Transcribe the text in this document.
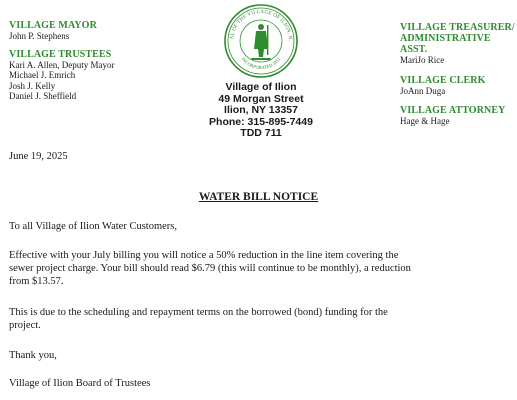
VILLAGE MAYOR
John P. Stephens
VILLAGE TRUSTEES
Kari A. Allen, Deputy Mayor
Michael J. Emrich
Josh J. Kelly
Daniel J. Sheffield
AL OF THE VILLAGE OF ILION, N.
INCORPORATED 1852
Village of Ilion
49 Morgan Street
Ilion, NY 13357
Phone: 315-895-7449
TDD 711
VILLAGE TREASURER/
ADMINISTRATIVE ASST.
MariJo Rice
VILLAGE CLERK
JoAnn Duga
VILLAGE ATTORNEY
Hage & Hage
June 19, 2025
WATER BILL NOTICE
To all Village of Ilion Water Customers,
Effective with your July billing you will notice a 50% reduction in the line item covering the
sewer project charge. Your bill should read $6.79 (this will continue to be monthly), a reduction
from $13.57.
This is due to the scheduling and repayment terms on the borrowed (bond) funding for the
project.
Thank you,
Village of Ilion Board of Trustees
